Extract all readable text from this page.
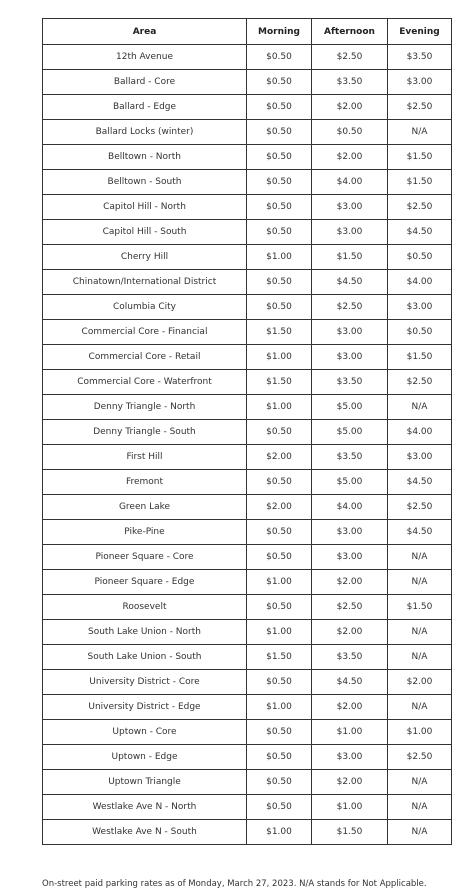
Area	Morning	Afternoon	Evening
12th Avenue	$0.50	$2.50	$3.50
Ballard - Core	$0.50	$3.50	$3.00
Ballard - Edge	$0.50	$2.00	$2.50
Ballard Locks (winter)	$0.50	$0.50	N/A
Belltown - North	$0.50	$2.00	$1.50
Belltown - South	$0.50	$4.00	$1.50
Capitol Hill - North	$0.50	$3.00	$2.50
Capitol Hill - South	$0.50	$3.00	$4.50
Cherry Hill	$1.00	$1.50	$0.50
Chinatown/International District	$0.50	$4.50	$4.00
Columbia City	$0.50	$2.50	$3.00
Commercial Core - Financial	$1.50	$3.00	$0.50
Commercial Core - Retail	$1.00	$3.00	$1.50
Commercial Core - Waterfront	$1.50	$3.50	$2.50
Denny Triangle - North	$1.00	$5.00	N/A
Denny Triangle - South	$0.50	$5.00	$4.00
First Hill	$2.00	$3.50	$3.00
Fremont	$0.50	$5.00	$4.50
Green Lake	$2.00	$4.00	$2.50
Pike-Pine	$0.50	$3.00	$4.50
Pioneer Square - Core	$0.50	$3.00	N/A
Pioneer Square - Edge	$1.00	$2.00	N/A
Roosevelt	$0.50	$2.50	$1.50
South Lake Union - North	$1.00	$2.00	N/A
South Lake Union - South	$1.50	$3.50	N/A
University District - Core	$0.50	$4.50	$2.00
University District - Edge	$1.00	$2.00	N/A
Uptown - Core	$0.50	$1.00	$1.00
Uptown - Edge	$0.50	$3.00	$2.50
Uptown Triangle	$0.50	$2.00	N/A
Westlake Ave N - North	$0.50	$1.00	N/A
Westlake Ave N - South	$1.00	$1.50	N/A
On-street paid parking rates as of Monday, March 27, 2023. N/A stands for Not Applicable.
